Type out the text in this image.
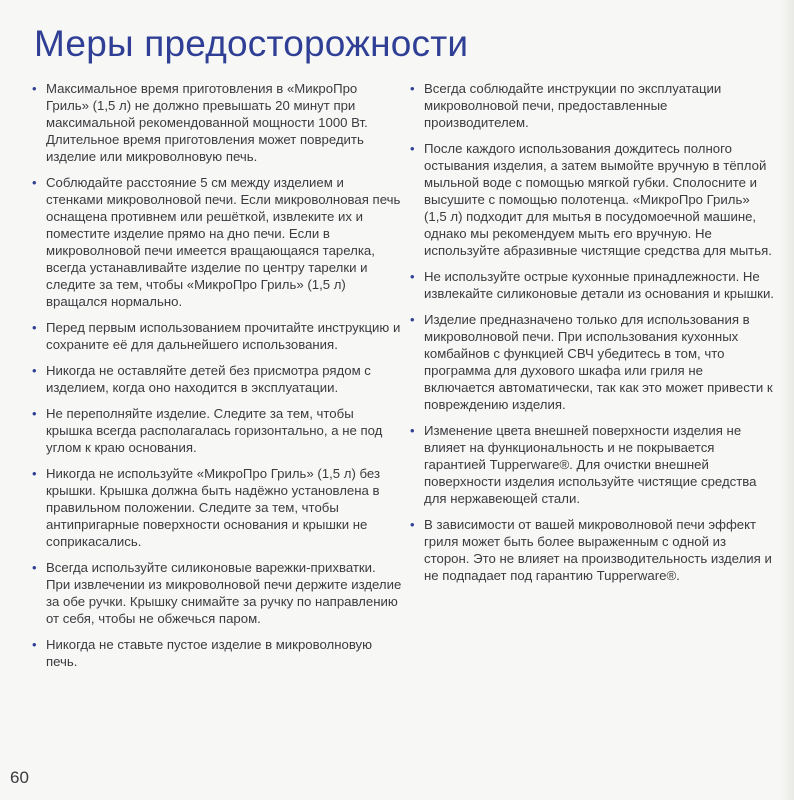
Меры предосторожности
• Максимальное время приготовления в «МикроПро Гриль» (1,5 л) не должно превышать 20 минут при максимальной рекомендованной мощности 1000 Вт. Длительное время приготовления может повредить изделие или микроволновую печь.
• Соблюдайте расстояние 5 см между изделием и стенками микроволновой печи. Если микроволновая печь оснащена противнем или решёткой, извлеките их и поместите изделие прямо на дно печи. Если в микроволновой печи имеется вращающаяся тарелка, всегда устанавливайте изделие по центру тарелки и следите за тем, чтобы «МикроПро Гриль» (1,5 л) вращался нормально.
• Перед первым использованием прочитайте инструкцию и сохраните её для дальнейшего использования.
• Никогда не оставляйте детей без присмотра рядом с изделием, когда оно находится в эксплуатации.
• Не переполняйте изделие. Следите за тем, чтобы крышка всегда располагалась горизонтально, а не под углом к краю основания.
• Никогда не используйте «МикроПро Гриль» (1,5 л) без крышки. Крышка должна быть надёжно установлена в правильном положении. Следите за тем, чтобы антипригарные поверхности основания и крышки не соприкасались.
• Всегда используйте силиконовые варежки-прихватки. При извлечении из микроволновой печи держите изделие за обе ручки. Крышку снимайте за ручку по направлению от себя, чтобы не обжечься паром.
• Никогда не ставьте пустое изделие в микроволновую печь.
• Всегда соблюдайте инструкции по эксплуатации микроволновой печи, предоставленные производителем.
• После каждого использования дождитесь полного остывания изделия, а затем вымойте вручную в тёплой мыльной воде с помощью мягкой губки. Сполосните и высушите с помощью полотенца. «МикроПро Гриль» (1,5 л) подходит для мытья в посудомоечной машине, однако мы рекомендуем мыть его вручную. Не используйте абразивные чистящие средства для мытья.
• Не используйте острые кухонные принадлежности. Не извлекайте силиконовые детали из основания и крышки.
• Изделие предназначено только для использования в микроволновой печи. При использования кухонных комбайнов с функцией СВЧ убедитесь в том, что программа для духового шкафа или гриля не включается автоматически, так как это может привести к повреждению изделия.
• Изменение цвета внешней поверхности изделия не влияет на функциональность и не покрывается гарантией Tupperware®. Для очистки внешней поверхности изделия используйте чистящие средства для нержавеющей стали.
• В зависимости от вашей микроволновой печи эффект гриля может быть более выраженным с одной из сторон. Это не влияет на производительность изделия и не подпадает под гарантию Tupperware®.
60
